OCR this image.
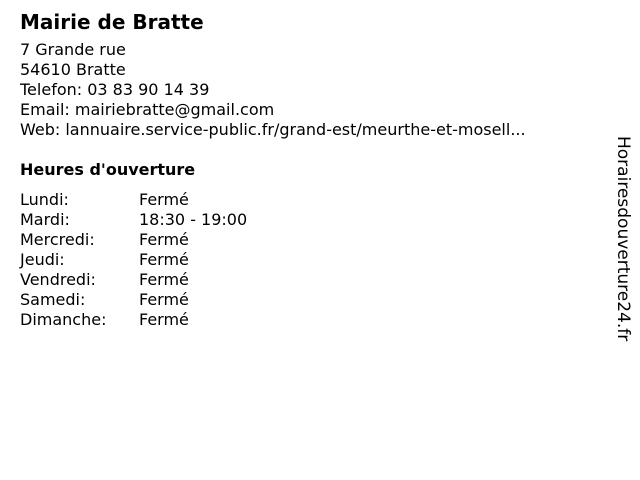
Mairie de Bratte
7 Grande rue
54610 Bratte
Telefon: 03 83 90 14 39
Email: mairiebratte@gmail.com
Web: lannuaire.service-public.fr/grand-est/meurthe-et-mosell...
Heures d'ouverture
Lundi:	Fermé
Mardi:	18:30 - 19:00
Mercredi:	Fermé
Jeudi:	Fermé
Vendredi:	Fermé
Samedi:	Fermé
Dimanche:	Fermé	Horairesdouverture24.fr
